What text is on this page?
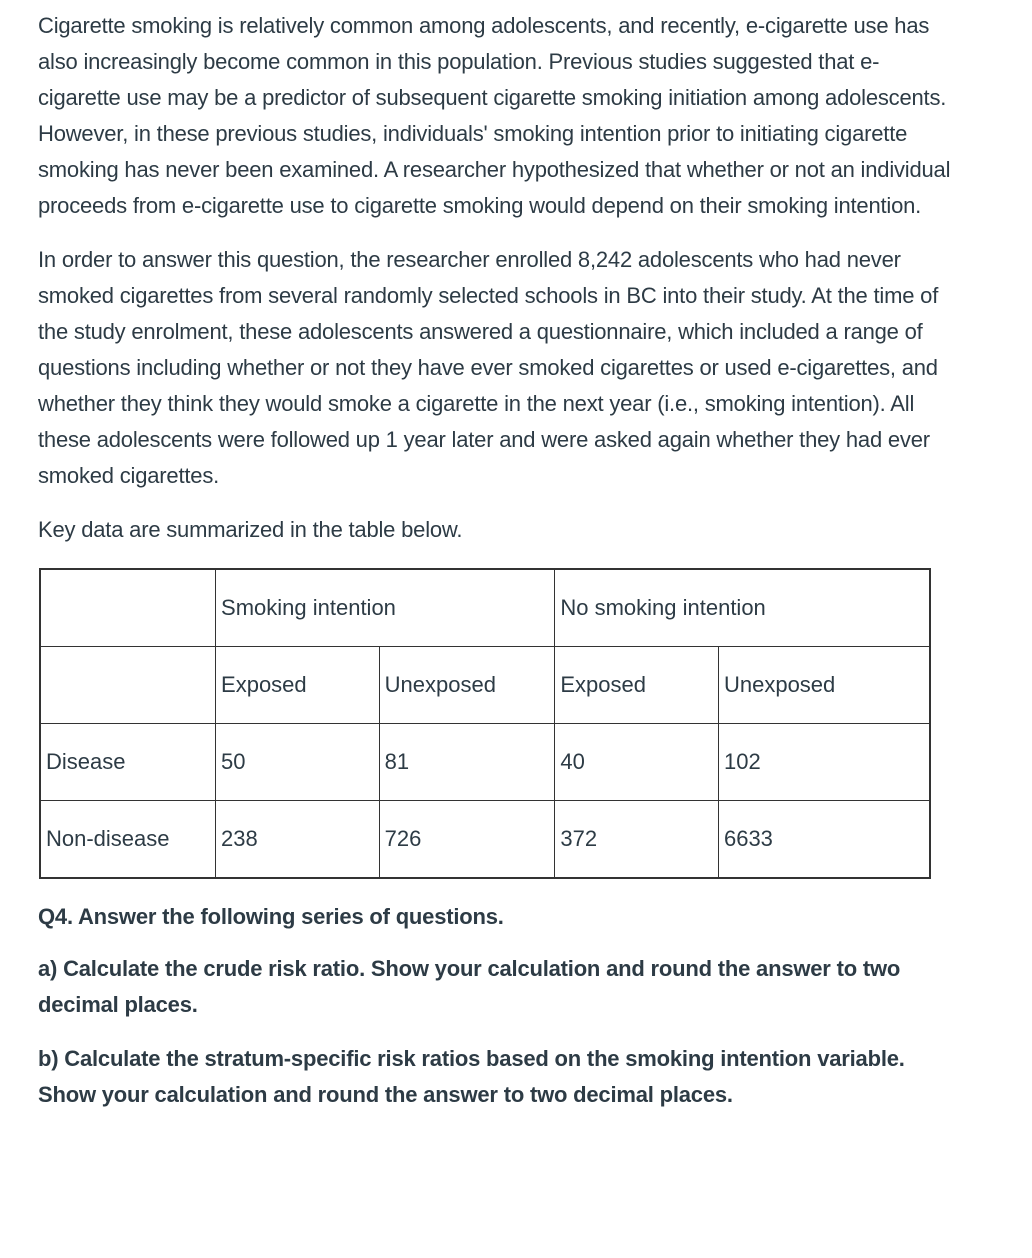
Cigarette smoking is relatively common among adolescents, and recently, e-cigarette use has also increasingly become common in this population. Previous studies suggested that e-cigarette use may be a predictor of subsequent cigarette smoking initiation among adolescents. However, in these previous studies, individuals' smoking intention prior to initiating cigarette smoking has never been examined. A researcher hypothesized that whether or not an individual proceeds from e-cigarette use to cigarette smoking would depend on their smoking intention.

In order to answer this question, the researcher enrolled 8,242 adolescents who had never smoked cigarettes from several randomly selected schools in BC into their study. At the time of the study enrolment, these adolescents answered a questionnaire, which included a range of questions including whether or not they have ever smoked cigarettes or used e-cigarettes, and whether they think they would smoke a cigarette in the next year (i.e., smoking intention). All these adolescents were followed up 1 year later and were asked again whether they had ever smoked cigarettes.

Key data are summarized in the table below.

	Smoking intention		No smoking intention	
	Exposed	Unexposed	Exposed	Unexposed
Disease	50	81	40	102
Non-disease	238	726	372	6633

Q4. Answer the following series of questions.

a) Calculate the crude risk ratio. Show your calculation and round the answer to two decimal places.

b) Calculate the stratum-specific risk ratios based on the smoking intention variable. Show your calculation and round the answer to two decimal places.
